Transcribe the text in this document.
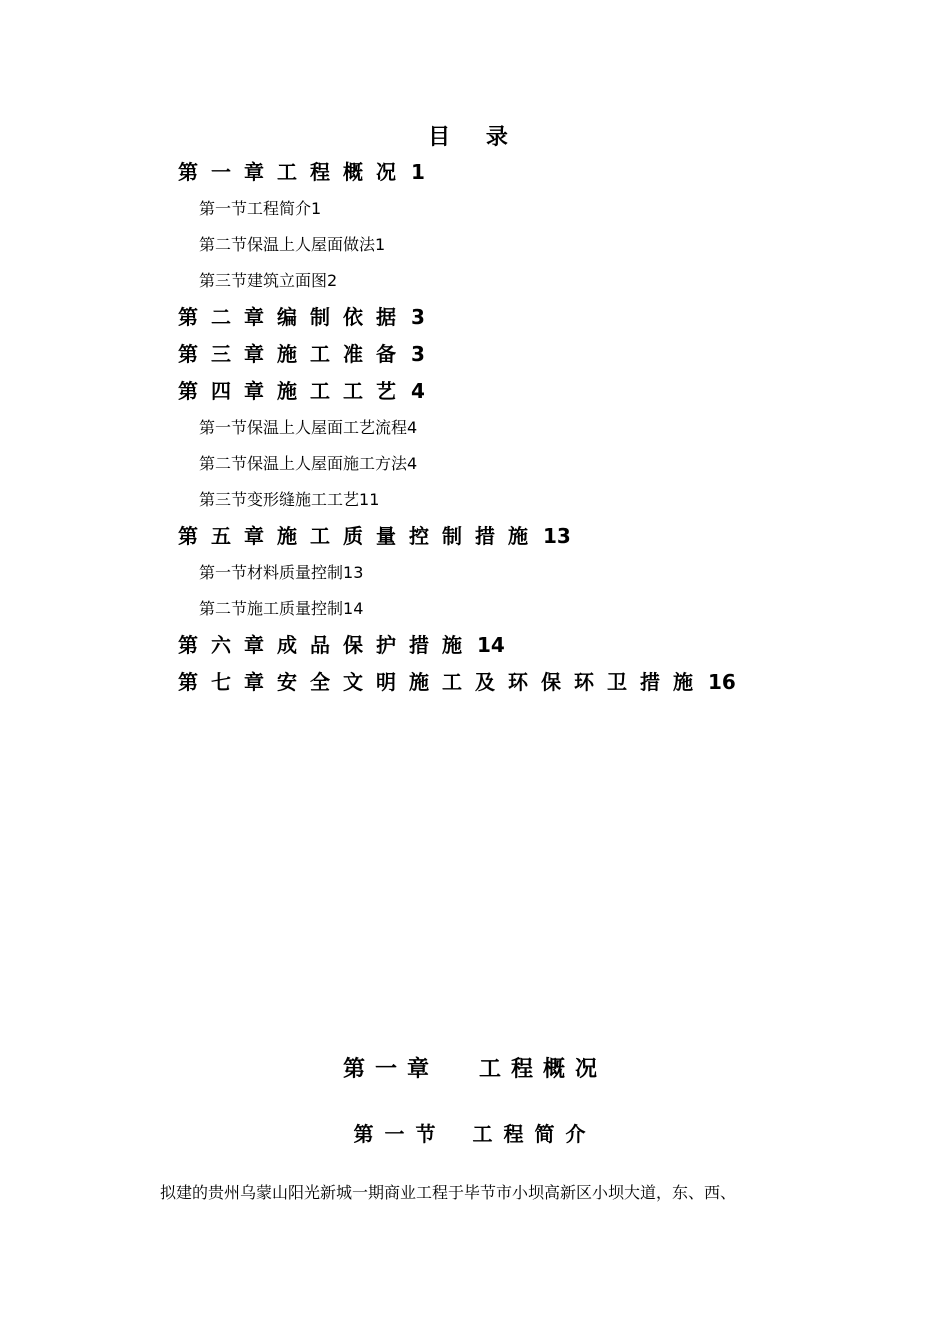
目 录
第一章工程概况 1
第一节工程简介1
第二节保温上人屋面做法1
第三节建筑立面图2
第二章编制依据 3
第三章施工准备 3
第四章施工工艺 4
第一节保温上人屋面工艺流程4
第二节保温上人屋面施工方法4
第三节变形缝施工工艺11
第五章施工质量控制措施 13
第一节材料质量控制13
第二节施工质量控制14
第六章成品保护措施 14
第七章安全文明施工及环保环卫措施 16
第一章 工程概况
第一节 工程简介
拟建的贵州乌蒙山阳光新城一期商业工程于毕节市小坝高新区小坝大道，东、西、
